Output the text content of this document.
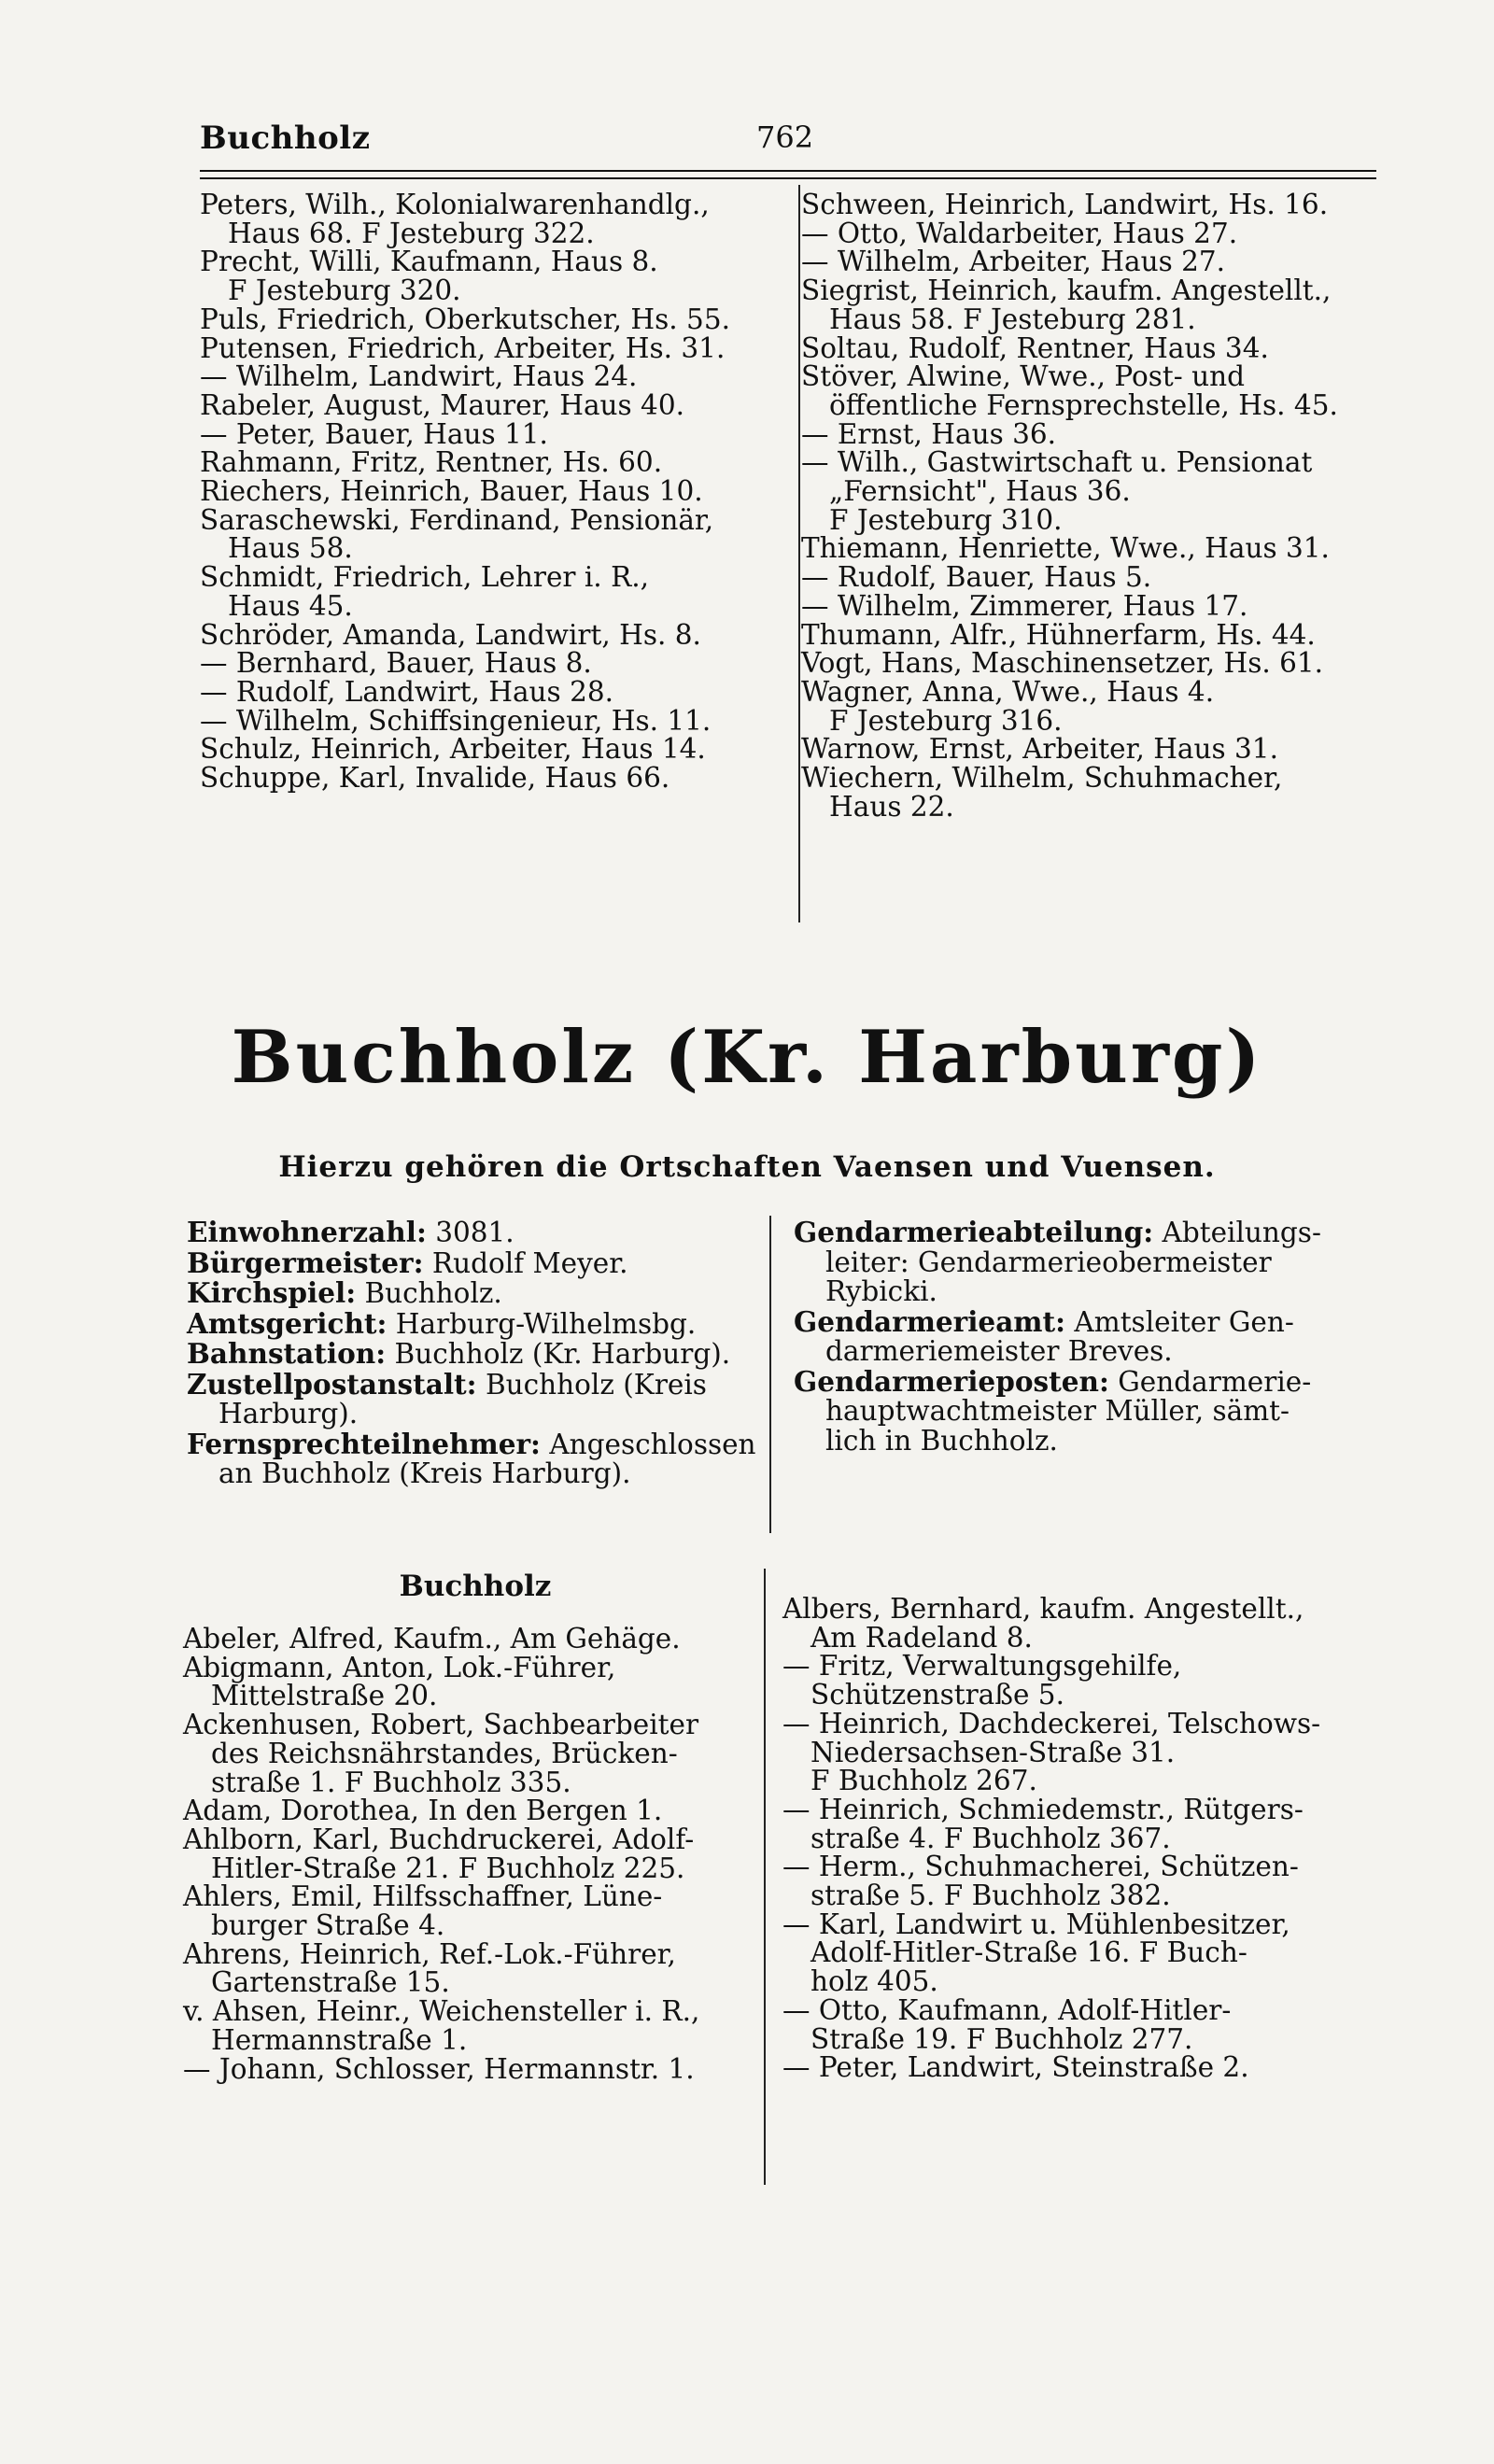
Buchholz	762
Peters, Wilh., Kolonialwarenhandlg.,
Haus 68. F Jesteburg 322.
Precht, Willi, Kaufmann, Haus 8.
F Jesteburg 320.
Puls, Friedrich, Oberkutscher, Hs. 55.
Putensen, Friedrich, Arbeiter, Hs. 31.
— Wilhelm, Landwirt, Haus 24.
Rabeler, August, Maurer, Haus 40.
— Peter, Bauer, Haus 11.
Rahmann, Fritz, Rentner, Hs. 60.
Riechers, Heinrich, Bauer, Haus 10.
Saraschewski, Ferdinand, Pensionär,
Haus 58.
Schmidt, Friedrich, Lehrer i. R.,
Haus 45.
Schröder, Amanda, Landwirt, Hs. 8.
— Bernhard, Bauer, Haus 8.
— Rudolf, Landwirt, Haus 28.
— Wilhelm, Schiffsingenieur, Hs. 11.
Schulz, Heinrich, Arbeiter, Haus 14.
Schuppe, Karl, Invalide, Haus 66.
Schween, Heinrich, Landwirt, Hs. 16.
— Otto, Waldarbeiter, Haus 27.
— Wilhelm, Arbeiter, Haus 27.
Siegrist, Heinrich, kaufm. Angestellt.,
Haus 58. F Jesteburg 281.
Soltau, Rudolf, Rentner, Haus 34.
Stöver, Alwine, Wwe., Post- und
öffentliche Fernsprechstelle, Hs. 45.
— Ernst, Haus 36.
— Wilh., Gastwirtschaft u. Pensionat
„Fernsicht", Haus 36.
F Jesteburg 310.
Thiemann, Henriette, Wwe., Haus 31.
— Rudolf, Bauer, Haus 5.
— Wilhelm, Zimmerer, Haus 17.
Thumann, Alfr., Hühnerfarm, Hs. 44.
Vogt, Hans, Maschinensetzer, Hs. 61.
Wagner, Anna, Wwe., Haus 4.
F Jesteburg 316.
Warnow, Ernst, Arbeiter, Haus 31.
Wiechern, Wilhelm, Schuhmacher,
Haus 22.
Buchholz (Kr. Harburg)
Hierzu gehören die Ortschaften Vaensen und Vuensen.
Einwohnerzahl: 3081.
Bürgermeister: Rudolf Meyer.
Kirchspiel: Buchholz.
Amtsgericht: Harburg-Wilhelmsbg.
Bahnstation: Buchholz (Kr. Harburg).
Zustellpostanstalt: Buchholz (Kreis
Harburg).
Fernsprechteilnehmer: Angeschlossen
an Buchholz (Kreis Harburg).
Gendarmerieabteilung: Abteilungs-
leiter: Gendarmerieobermeister
Rybicki.
Gendarmerieamt: Amtsleiter Gen-
darmeriemeister Breves.
Gendarmerieposten: Gendarmerie-
hauptwachtmeister Müller, sämt-
lich in Buchholz.
Buchholz
Abeler, Alfred, Kaufm., Am Gehäge.
Abigmann, Anton, Lok.-Führer,
Mittelstraße 20.
Ackenhusen, Robert, Sachbearbeiter
des Reichsnährstandes, Brücken-
straße 1. F Buchholz 335.
Adam, Dorothea, In den Bergen 1.
Ahlborn, Karl, Buchdruckerei, Adolf-
Hitler-Straße 21. F Buchholz 225.
Ahlers, Emil, Hilfsschaffner, Lüne-
burger Straße 4.
Ahrens, Heinrich, Ref.-Lok.-Führer,
Gartenstraße 15.
v. Ahsen, Heinr., Weichensteller i. R.,
Hermannstraße 1.
— Johann, Schlosser, Hermannstr. 1.
Albers, Bernhard, kaufm. Angestellt.,
Am Radeland 8.
— Fritz, Verwaltungsgehilfe,
Schützenstraße 5.
— Heinrich, Dachdeckerei, Telschows-
Niedersachsen-Straße 31.
F Buchholz 267.
— Heinrich, Schmiedemstr., Rütgers-
straße 4. F Buchholz 367.
— Herm., Schuhmacherei, Schützen-
straße 5. F Buchholz 382.
— Karl, Landwirt u. Mühlenbesitzer,
Adolf-Hitler-Straße 16. F Buch-
holz 405.
— Otto, Kaufmann, Adolf-Hitler-
Straße 19. F Buchholz 277.
— Peter, Landwirt, Steinstraße 2.
